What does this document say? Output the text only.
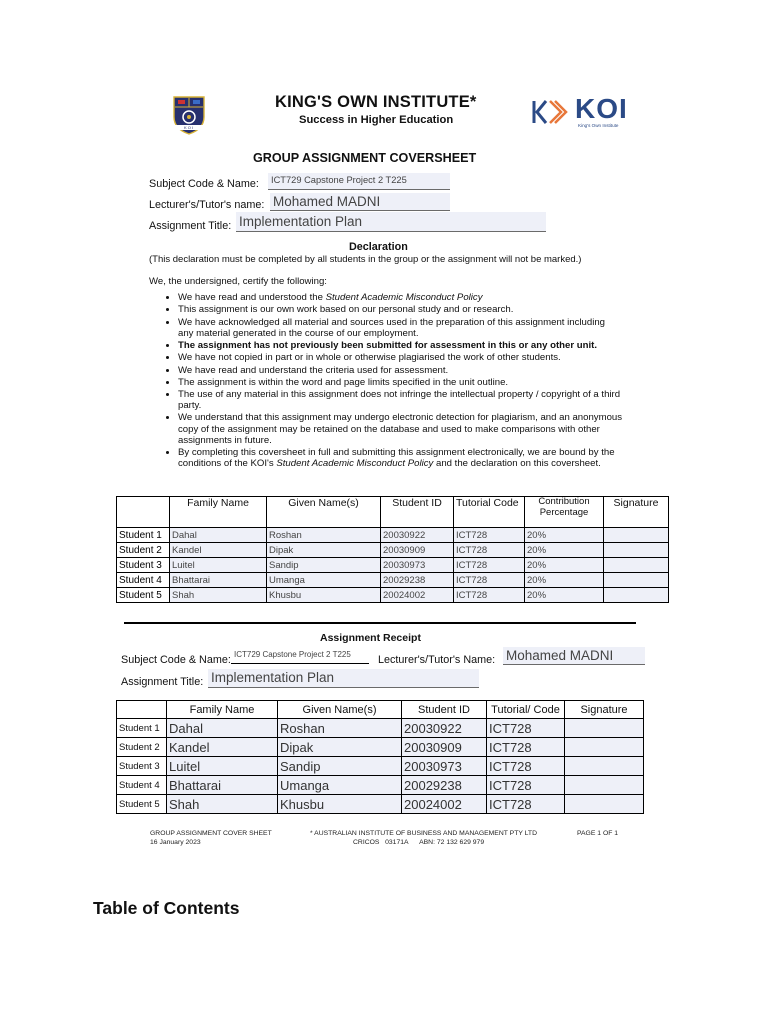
KOI
KING'S OWN INSTITUTE*
Success in Higher Education	KOI
King's Own Institute
GROUP ASSIGNMENT COVERSHEET
Subject Code & Name:	ICT729 Capstone Project 2 T225
Lecturer's/Tutor's name: Mohamed MADNI
Assignment Title: Implementation Plan
Declaration
(This declaration must be completed by all students in the group or the assignment will not be marked.)
We, the undersigned, certify the following:
• We have read and understood the Student Academic Misconduct Policy
• This assignment is our own work based on our personal study and or research.
• We have acknowledged all material and sources used in the preparation of this assignment including any material generated in the course of our employment.
• The assignment has not previously been submitted for assessment in this or any other unit.
• We have not copied in part or in whole or otherwise plagiarised the work of other students.
• We have read and understand the criteria used for assessment.
• The assignment is within the word and page limits specified in the unit outline.
• The use of any material in this assignment does not infringe the intellectual property / copyright of a third party.
• We understand that this assignment may undergo electronic detection for plagiarism, and an anonymous copy of the assignment may be retained on the database and used to make comparisons with other assignments in future.
• By completing this coversheet in full and submitting this assignment electronically, we are bound by the conditions of the KOI's Student Academic Misconduct Policy and the declaration on this coversheet.
	Family Name	Given Name(s)	Student ID	Tutorial Code	Contribution Percentage	Signature
Student 1	Dahal	Roshan	20030922	ICT728	20%	
Student 2	Kandel	Dipak	20030909	ICT728	20%	
Student 3	Luitel	Sandip	20030973	ICT728	20%	
Student 4	Bhattarai	Umanga	20029238	ICT728	20%	
Student 5	Shah	Khusbu	20024002	ICT728	20%	
Assignment Receipt
Subject Code & Name: ICT729 Capstone Project 2 T225	Lecturer's/Tutor's Name: Mohamed MADNI
Assignment Title: Implementation Plan
	Family Name	Given Name(s)	Student ID	Tutorial/ Code	Signature
Student 1	Dahal	Roshan	20030922	ICT728	
Student 2	Kandel	Dipak	20030909	ICT728	
Student 3	Luitel	Sandip	20030973	ICT728	
Student 4	Bhattarai	Umanga	20029238	ICT728	
Student 5	Shah	Khusbu	20024002	ICT728	
GROUP ASSIGNMENT COVER SHEET
16 January 2023
* AUSTRALIAN INSTITUTE OF BUSINESS AND MANAGEMENT PTY LTD
CRICOS   03171A      ABN: 72 132 629 979
PAGE 1 OF 1
Table of Contents
